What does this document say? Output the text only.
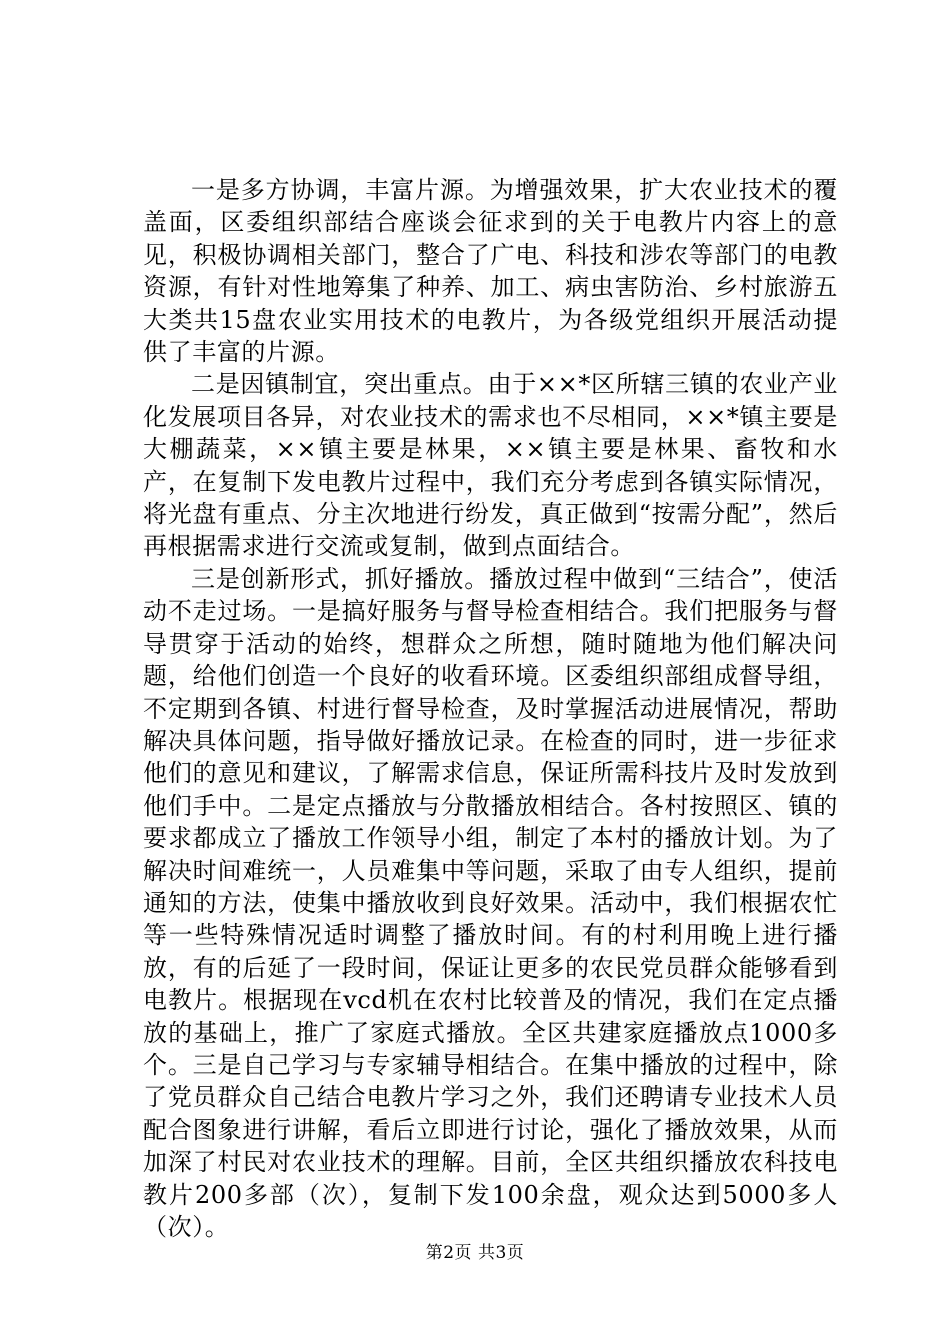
一是多方协调，丰富片源。为增强效果，扩大农业技术的覆盖面，区委组织部结合座谈会征求到的关于电教片内容上的意见，积极协调相关部门，整合了广电、科技和涉农等部门的电教资源，有针对性地筹集了种养、加工、病虫害防治、乡村旅游五大类共15盘农业实用技术的电教片，为各级党组织开展活动提供了丰富的片源。

二是因镇制宜，突出重点。由于××*区所辖三镇的农业产业化发展项目各异，对农业技术的需求也不尽相同，××*镇主要是大棚蔬菜，××镇主要是林果，××镇主要是林果、畜牧和水产，在复制下发电教片过程中，我们充分考虑到各镇实际情况，将光盘有重点、分主次地进行纷发，真正做到“按需分配”，然后再根据需求进行交流或复制，做到点面结合。

三是创新形式，抓好播放。播放过程中做到“三结合”，使活动不走过场。一是搞好服务与督导检查相结合。我们把服务与督导贯穿于活动的始终，想群众之所想，随时随地为他们解决问题，给他们创造一个良好的收看环境。区委组织部组成督导组，不定期到各镇、村进行督导检查，及时掌握活动进展情况，帮助解决具体问题，指导做好播放记录。在检查的同时，进一步征求他们的意见和建议，了解需求信息，保证所需科技片及时发放到他们手中。二是定点播放与分散播放相结合。各村按照区、镇的要求都成立了播放工作领导小组，制定了本村的播放计划。为了解决时间难统一，人员难集中等问题，采取了由专人组织，提前通知的方法，使集中播放收到良好效果。活动中，我们根据农忙等一些特殊情况适时调整了播放时间。有的村利用晚上进行播放，有的后延了一段时间，保证让更多的农民党员群众能够看到电教片。根据现在vcd机在农村比较普及的情况，我们在定点播放的基础上，推广了家庭式播放。全区共建家庭播放点1000多个。三是自己学习与专家辅导相结合。在集中播放的过程中，除了党员群众自己结合电教片学习之外，我们还聘请专业技术人员配合图象进行讲解，看后立即进行讨论，强化了播放效果，从而加深了村民对农业技术的理解。目前，全区共组织播放农科技电教片200多部（次），复制下发100余盘，观众达到5000多人（次）。

第2页 共3页
